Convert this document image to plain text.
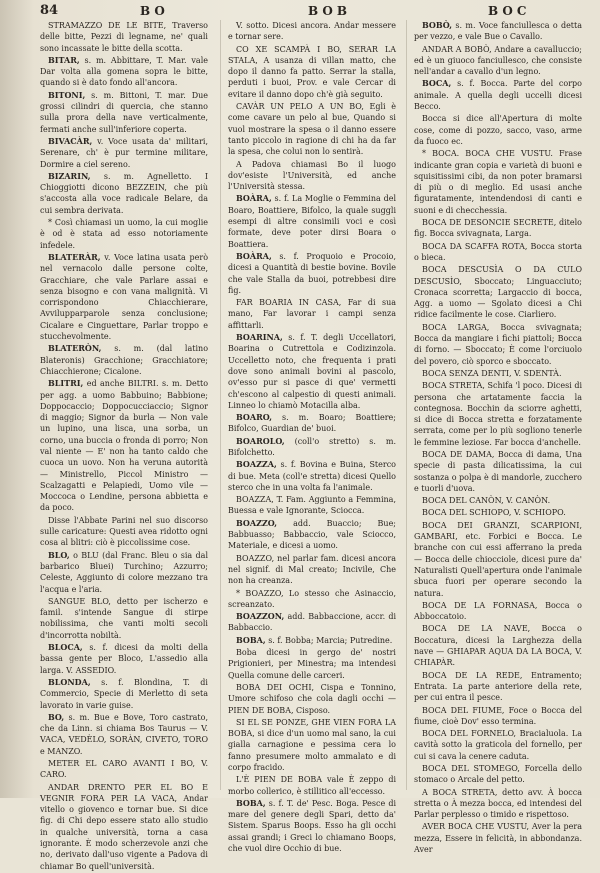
84	BO	BOB	BOC

STRAMAZZO DE LE BITE, Traverso delle bitte, Pezzi di legname, ne' quali sono incassate le bitte della scotta.

BITAR, s. m. Abbittare, T. Mar. vale Dar volta alla gomena sopra le bitte, quando si è dato fondo all'ancora.

BITONI, s. m. Bittoni, T. mar. Due grossi cilindri di quercia, che stanno sulla prora della nave verticalmente, fermati anche sull'inferiore coperta.

BIVACÀR, v. Voce usata da' militari, Serenare, ch' è pur termine militare, Dormire a ciel sereno.

BIZARIN, s. m. Agnelletto. I Chioggiotti dicono BEZZEIN, che più s'accosta alla voce radicale Belare, da cui sembra derivata.

* Così chiamasi un uomo, la cui moglie è od è stata ad esso notoriamente infedele.

BLATERÀR, v. Voce latina usata però nel vernacolo dalle persone colte, Gracchiare, che vale Parlare assai e senza bisogno e con vana malignità. Vi corrispondono Chiacchierare, Avvilupparparole senza conclusione; Cicalare e Cinguettare, Parlar troppo e stucchevolmente.

BLATERÒN, s. m. (dal latino Blateronis) Gracchione; Gracchiatore; Chiacchierone; Cicalone.

BLITRI, ed anche BILTRI. s. m. Detto per agg. a uomo Babbuino; Babbione; Doppocaccio; Doppocucciaccio; Signor di maggio; Signor da burla — Non vale un lupino, una lisca, una sorba, un corno, una buccia o fronda di porro; Non val niente — E' non ha tanto caldo che cuoca un uovo. Non ha veruna autorità — Ministrello, Piccol Ministro — Scalzagatti e Pelapiedi, Uomo vile — Moccoca o Lendine, persona abbietta e da poco.

Disse l'Abbate Parini nel suo discorso sulle caricature: Questi avea ridotto ogni cosa al blitri: ciò è piccolissime cose.

BLO, o BLU (dal Franc. Bleu o sia dal barbarico Bluei) Turchino; Azzurro; Celeste, Aggiunto di colore mezzano tra l'acqua e l'aria.

SANGUE BLO, detto per ischerzo e famil. s'intende Sangue di stirpe nobilissima, che vanti molti secoli d'incorrotta nobiltà.

BLOCA, s. f. dicesi da molti della bassa gente per Bloco, L'assedio alla larga. V. ASSEDIO.

BLONDA, s. f. Blondina, T. di Commercio, Specie di Merletto di seta lavorato in varie guise.

BO, s. m. Bue e Bove, Toro castrato, che da Linn. si chiama Bos Taurus — V. VACA, VEDÈLO, SORÀN, CIVETO, TORO e MANZO.

METER EL CARO AVANTI I BO, V. CARO.

ANDAR DRENTO PER EL BO E VEGNIR FORA PER LA VACA, Andar vitello o giovenco e tornar bue. Si dice fig. di Chi depo essere stato allo studio in qualche università, torna a casa ignorante. È modo scherzevole anzi che no, derivato dall'uso vigente a Padova di chiamar Bo quell'università.

V. sotto. Dicesi ancora. Andar messere e tornar sere.

CO XE SCAMPÀ I BO, SERAR LA STALA, A usanza di villan matto, che dopo il danno fa patto. Serrar la stalla, perduti i buoi, Prov. e vale Cercar di evitare il danno dopo ch'è già seguito.

CAVÀR UN PELO A UN BO, Egli è come cavare un pelo al bue, Quando si vuol mostrare la spesa o il danno essere tanto piccolo in ragione di chi ha da far la spesa, che colui non lo sentirà.

A Padova chiamasi Bo il luogo dov'esiste l'Università, ed anche l'Università stessa.

BOÀRA, s. f. La Moglie o Femmina del Boaro, Boattiere, Bifolco, la quale suggli esempi di altre consimili voci e così formate, deve poter dirsi Boara o Boattiera.

BOÀRA, s. f. Proquoio e Procoio, dicesi a Quantità di bestie bovine. Bovile che vale Stalla da buoi, potrebbesi dire fig.

FAR BOARIA IN CASA, Far di sua mano, Far lavorar i campi senza affittarli.

BOARINA, s. f. T. degli Uccellatori, Boarina o Cutrettola e Codizinzola. Uccelletto noto, che frequenta i prati dove sono animali bovini al pascolo, ov'esso pur si pasce di que' vermetti ch'escono al calpestio di questi animali. Linneo lo chiamò Motacilla alba.

BOARO, s. m. Boaro; Boattiere; Bifolco, Guardian de' buoi.

BOAROLO, (coll'o stretto) s. m. Bifolchetto.

BOAZZA, s. f. Bovina e Buina, Sterco di bue. Meta (coll'e stretta) dicesi Quello sterco che in una volta fa l'animale.

BOAZZA, T. Fam. Aggiunto a Femmina, Buessa e vale Ignorante, Sciocca.

BOAZZO, add. Buaccio; Bue; Babbuasso; Babbaccio, vale Sciocco, Materiale, e dicesi a uomo.

BOAZZO, nel parlar fam. dicesi ancora nel signif. di Mal creato; Incivile, Che non ha creanza.

* BOAZZO, Lo stesso che Asinaccio, screanzato.

BOAZZON, add. Babbaccione, accr. di Babbaccio.

BOBA, s. f. Bobba; Marcia; Putredine.

Boba dicesi in gergo de' nostri Prigionieri, per Minestra; ma intendesi Quella comune delle carceri.

BOBA DEI OCHI, Cispa e Tonnino, Umore schifoso che cola dagli occhi — PIEN DE BOBA, Cisposo.

SI EL SE PONZE, GHE VIEN FORA LA BOBA, si dice d'un uomo mal sano, la cui gialla carnagione e pessima cera lo fanno presumere molto ammalato e di corpo fracido.

L'È PIEN DE BOBA vale È zeppo di morbo collerico, è stillitico all'eccesso.

BOBA, s. f. T. de' Pesc. Boga. Pesce di mare del genere degli Spari, detto da' Sistem. Sparus Boops. Esso ha gli occhi assai grandi; i Greci lo chiamano Boops, che vuol dire Occhio di bue.

BOBÒ, s. m. Voce fanciullesca o detta per vezzo, e vale Bue o Cavallo.

ANDAR A BOBÒ, Andare a cavalluccio; ed è un giuoco fanciullesco, che consiste nell'andar a cavallo d'un legno.

BOCA, s. f. Bocca. Parte del corpo animale. A quella degli uccelli dicesi Becco.

Bocca si dice all'Apertura di molte cose, come di pozzo, sacco, vaso, arme da fuoco ec.

* BOCA. BOCA CHE VUSTU. Frase indicante gran copia e varietà di buoni e squisitissimi cibi, da non poter bramarsi di più o di meglio. Ed usasi anche figuratamente, intendendosi di canti e suoni e di checchessia.

BOCA DE DESONCIE SECRETE, ditelo fig. Bocca svivagnata, Larga.

BOCA DA SCAFFA ROTA, Bocca storta o bieca.

BOCA DESCUSÌA O DA CULO DESCUSÌO, Sboccato; Linguacciuto; Cronaca scorretta; Largaccio di bocca, Agg. a uomo — Sgolato dicesi a Chi ridice facilmente le cose. Ciarliero.

BOCA LARGA, Bocca svivagnata; Bocca da mangiare i fichi piattoli; Bocca di forno. — Sboccato; È come l'orciuolo del povero, ciò sporco e sboccato.

BOCA SENZA DENTI, V. SDENTÀ.

BOCA STRETA, Schifa 'l poco. Dicesi di persona che artatamente faccia la contegnosa. Bocchin da sciorre aghetti, si dice di Bocca stretta e forzatamente serrata, come per lo più sogliono tenerle le femmine leziose. Far bocca d'anchelle.

BOCA DE DAMA, Bocca di dama, Una specie di pasta dilicatissima, la cui sostanza o polpa è di mandorle, zucchero e tuorli d'uova.

BOCA DEL CANÒN, V. CANÒN.

BOCA DEL SCHIOPO, V. SCHIOPO.

BOCA DEI GRANZI, SCARPIONI, GAMBARI, etc. Forbici e Bocca. Le branche con cui essi afferrano la preda — Bocca delle chiocciole, dicesi pure da' Naturalisti Quell'apertura onde l'animale sbuca fuori per operare secondo la natura.

BOCA DE LA FORNASA, Bocca o Abboccatoio.

BOCA DE LA NAVE, Bocca o Boccatura, dicesi la Larghezza della nave — GHIAPAR AQUA DA LA BOCA, V. CHIAPÀR.

BOCA DE LA REDE, Entramento; Entrata. La parte anteriore della rete, per cui entra il pesce.

BOCA DEL FIUME, Foce o Bocca del fiume, cioè Dov' esso termina.

BOCA DEL FORNELO, Bracialuola. La cavità sotto la graticola del fornello, per cui si cava la cenere caduta.

BOCA DEL STOMEGO, Forcella dello stomaco o Arcale del petto.

A BOCA STRETA, detto avv. À bocca stretta o À mezza bocca, ed intendesi del Parlar perplesso o timido e rispettoso.

AVER BOCA CHE VUSTU, Aver la pera mezza, Essere in felicità, in abbondanza. Aver
